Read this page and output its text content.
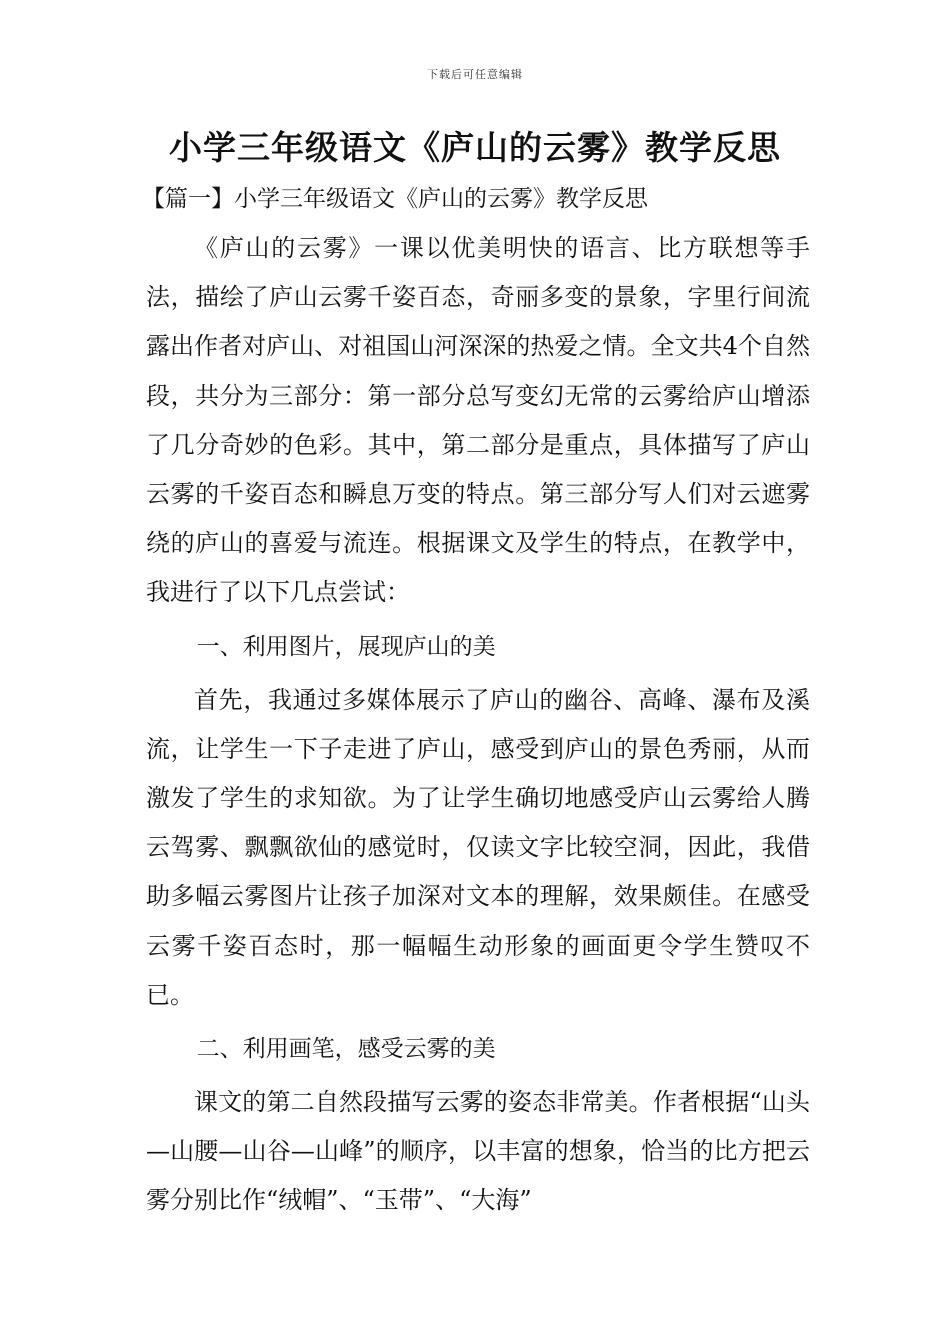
下载后可任意编辑
小学三年级语文《庐山的云雾》教学反思

【篇一】小学三年级语文《庐山的云雾》教学反思

《庐山的云雾》一课以优美明快的语言、比方联想等手法，描绘了庐山云雾千姿百态，奇丽多变的景象，字里行间流露出作者对庐山、对祖国山河深深的热爱之情。全文共4个自然段，共分为三部分：第一部分总写变幻无常的云雾给庐山增添了几分奇妙的色彩。其中，第二部分是重点，具体描写了庐山云雾的千姿百态和瞬息万变的特点。第三部分写人们对云遮雾绕的庐山的喜爱与流连。根据课文及学生的特点，在教学中，我进行了以下几点尝试：

一、利用图片，展现庐山的美

首先，我通过多媒体展示了庐山的幽谷、高峰、瀑布及溪流，让学生一下子走进了庐山，感受到庐山的景色秀丽，从而激发了学生的求知欲。为了让学生确切地感受庐山云雾给人腾云驾雾、飘飘欲仙的感觉时，仅读文字比较空洞，因此，我借助多幅云雾图片让孩子加深对文本的理解，效果颇佳。在感受云雾千姿百态时，那一幅幅生动形象的画面更令学生赞叹不已。

二、利用画笔，感受云雾的美

课文的第二自然段描写云雾的姿态非常美。作者根据“山头—山腰—山谷—山峰”的顺序，以丰富的想象，恰当的比方把云雾分别比作“绒帽”、“玉带”、“大海”
